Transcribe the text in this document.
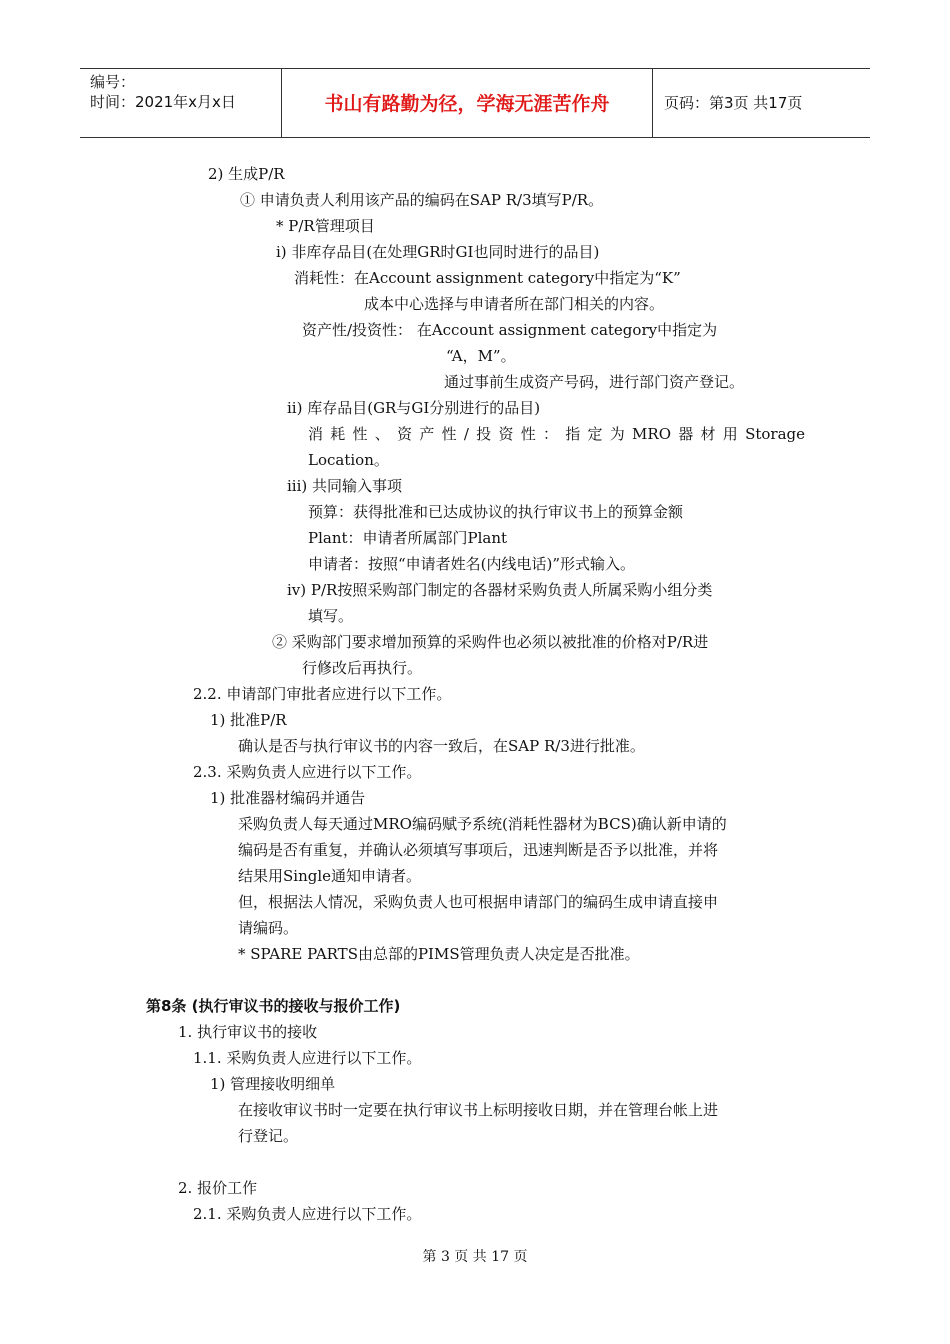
编号：
时间：2021年x月x日	书山有路勤为径，学海无涯苦作舟	页码：第3页 共17页
2) 生成P/R
① 申请负责人利用该产品的编码在SAP R/3填写P/R。
* P/R管理项目
i) 非库存品目(在处理GR时GI也同时进行的品目)
消耗性：在Account assignment category中指定为“K”
成本中心选择与申请者所在部门相关的内容。
资产性/投资性： 在Account assignment category中指定为
“A，M”。
通过事前生成资产号码，进行部门资产登记。
ii) 库存品目(GR与GI分别进行的品目)
消耗性、资产性/投资性：指定为MRO器材用Storage
Location。
iii) 共同输入事项
预算：获得批准和已达成协议的执行审议书上的预算金额
Plant：申请者所属部门Plant
申请者：按照“申请者姓名(内线电话)”形式输入。
iv) P/R按照采购部门制定的各器材采购负责人所属采购小组分类
填写。
② 采购部门要求增加预算的采购件也必须以被批准的价格对P/R进
行修改后再执行。
2.2. 申请部门审批者应进行以下工作。
1) 批准P/R
确认是否与执行审议书的内容一致后，在SAP R/3进行批准。
2.3. 采购负责人应进行以下工作。
1) 批准器材编码并通告
采购负责人每天通过MRO编码赋予系统(消耗性器材为BCS)确认新申请的
编码是否有重复，并确认必须填写事项后，迅速判断是否予以批准，并将
结果用Single通知申请者。
但，根据法人情况，采购负责人也可根据申请部门的编码生成申请直接申
请编码。
* SPARE PARTS由总部的PIMS管理负责人决定是否批准。
第8条 (执行审议书的接收与报价工作)
1. 执行审议书的接收
1.1. 采购负责人应进行以下工作。
1) 管理接收明细单
在接收审议书时一定要在执行审议书上标明接收日期，并在管理台帐上进
行登记。
2. 报价工作
2.1. 采购负责人应进行以下工作。
第 3 页 共 17 页
